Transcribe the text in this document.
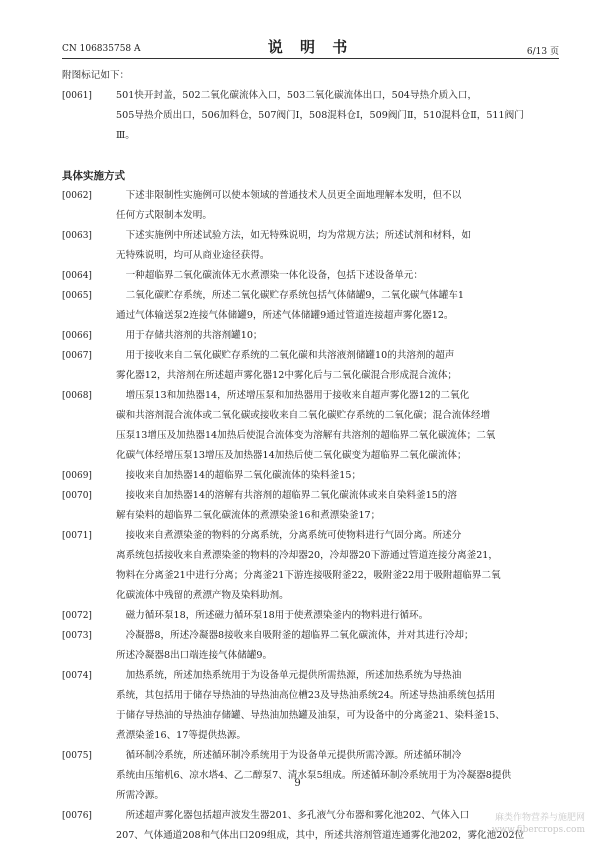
CN 106835758 A	说 明 书	6/13 页
附图标记如下：
[0061]	501快开封盖，502二氧化碳流体入口，503二氧化碳流体出口，504导热介质入口，
505导热介质出口，506加料仓，507阀门Ⅰ，508混料仓Ⅰ，509阀门Ⅱ，510混料仓Ⅱ，511阀门
Ⅲ。
具体实施方式
[0062]	下述非限制性实施例可以使本领域的普通技术人员更全面地理解本发明，但不以
任何方式限制本发明。
[0063]	下述实施例中所述试验方法，如无特殊说明，均为常规方法；所述试剂和材料，如
无特殊说明，均可从商业途径获得。
[0064]	一种超临界二氧化碳流体无水煮漂染一体化设备，包括下述设备单元：
[0065]	二氧化碳贮存系统，所述二氧化碳贮存系统包括气体储罐9，二氧化碳气体罐车1
通过气体输送泵2连接气体储罐9，所述气体储罐9通过管道连接超声雾化器12。
[0066]	用于存储共溶剂的共溶剂罐10；
[0067]	用于接收来自二氧化碳贮存系统的二氧化碳和共溶液剂储罐10的共溶剂的超声
雾化器12，共溶剂在所述超声雾化器12中雾化后与二氧化碳混合形成混合流体；
[0068]	增压泵13和加热器14，所述增压泵和加热器用于接收来自超声雾化器12的二氧化
碳和共溶剂混合流体或二氧化碳或接收来自二氧化碳贮存系统的二氧化碳；混合流体经增
压泵13增压及加热器14加热后使混合流体变为溶解有共溶剂的超临界二氧化碳流体；二氧
化碳气体经增压泵13增压及加热器14加热后使二氧化碳变为超临界二氧化碳流体；
[0069]	接收来自加热器14的超临界二氧化碳流体的染料釜15；
[0070]	接收来自加热器14的溶解有共溶剂的超临界二氧化碳流体或来自染料釜15的溶
解有染料的超临界二氧化碳流体的煮漂染釜16和煮漂染釜17；
[0071]	接收来自煮漂染釜的物料的分离系统，分离系统可使物料进行气固分离。所述分
离系统包括接收来自煮漂染釜的物料的冷却器20，冷却器20下游通过管道连接分离釜21，
物料在分离釜21中进行分离；分离釜21下游连接吸附釜22，吸附釜22用于吸附超临界二氧
化碳流体中残留的煮漂产物及染料助剂。
[0072]	磁力循环泵18，所述磁力循环泵18用于使煮漂染釜内的物料进行循环。
[0073]	冷凝器8，所述冷凝器8接收来自吸附釜的超临界二氧化碳流体，并对其进行冷却；
所述冷凝器8出口端连接气体储罐9。
[0074]	加热系统，所述加热系统用于为设备单元提供所需热源，所述加热系统为导热油
系统，其包括用于储存导热油的导热油高位槽23及导热油系统24。所述导热油系统包括用
于储存导热油的导热油存储罐、导热油加热罐及油泵，可为设备中的分离釜21、染料釜15、
煮漂染釜16、17等提供热源。
[0075]	循环制冷系统，所述循环制冷系统用于为设备单元提供所需冷源。所述循环制冷
系统由压缩机6、凉水塔4、乙二醇泵7、清水泵5组成。所述循环制冷系统用于为冷凝器8提供
所需冷源。
[0076]	所述超声雾化器包括超声波发生器201、多孔液气分布器和雾化池202、气体入口
207、气体通道208和气体出口209组成，其中，所述共溶剂管道连通雾化池202，雾化池202位
9
麻类作物营养与施肥网
www.fibercrops.com
